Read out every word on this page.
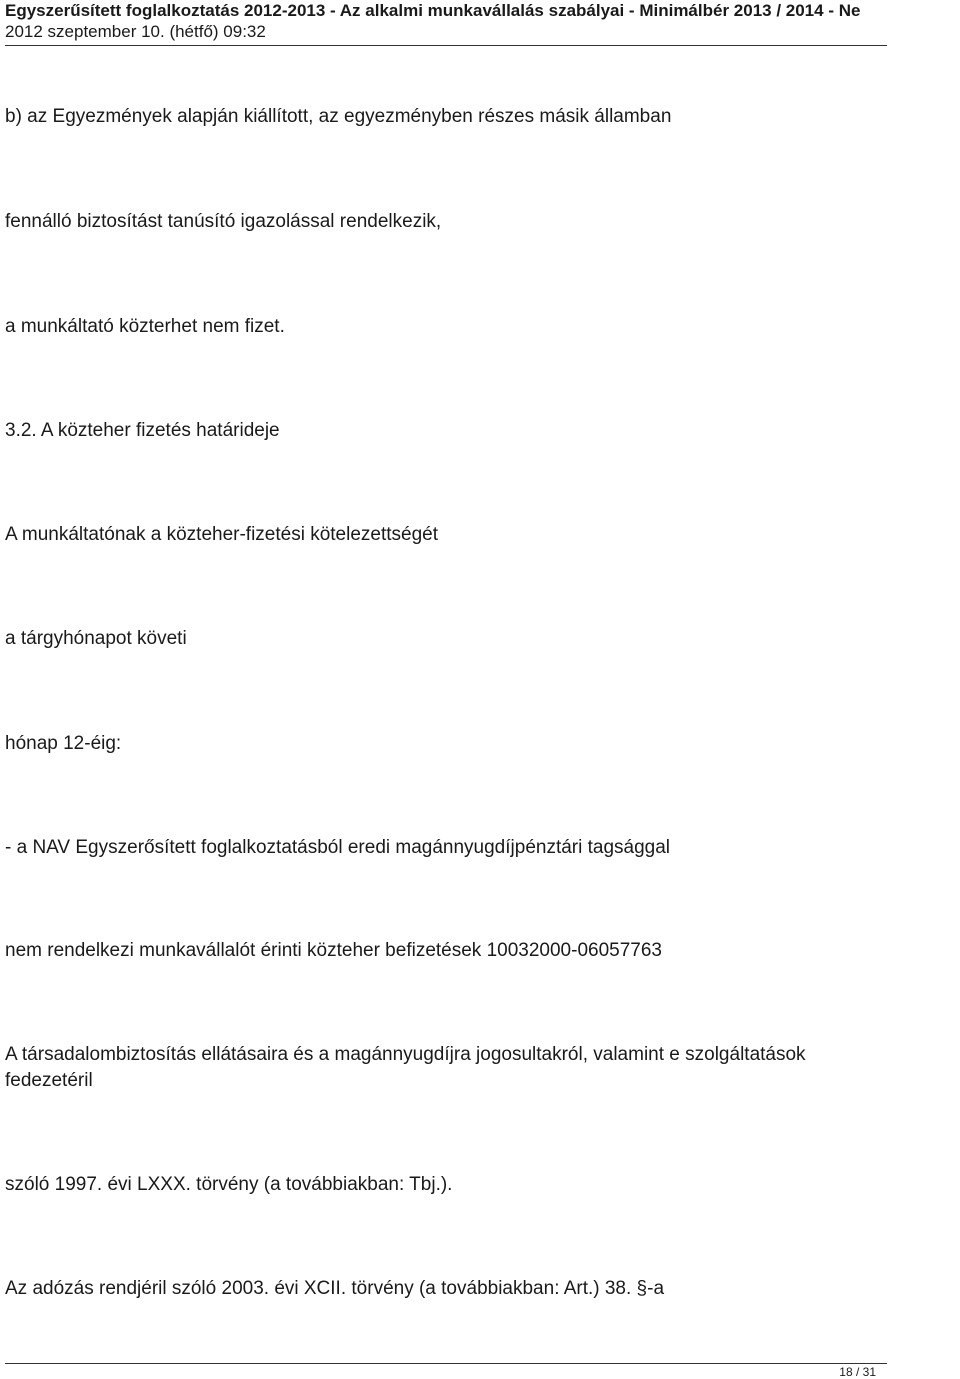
Egyszerűsített foglalkoztatás 2012-2013 - Az alkalmi munkavállalás szabályai - Minimálbér 2013 / 2014 - Ne
2012 szeptember 10. (hétfő) 09:32
b) az Egyezmények alapján kiállított, az egyezményben részes másik államban
fennálló biztosítást tanúsító igazolással rendelkezik,
a munkáltató közterhet nem fizet.
3.2. A közteher fizetés határideje
A munkáltatónak a közteher-fizetési kötelezettségét
a tárgyhónapot követi
hónap 12-éig:
- a NAV Egyszerősített foglalkoztatásból eredi magánnyugdíjpénztári tagsággal
nem rendelkezi munkavállalót érinti közteher befizetések 10032000-06057763
A társadalombiztosítás ellátásaira és a magánnyugdíjra jogosultakról, valamint e szolgáltatások fedezetéril
szóló 1997. évi LXXX. törvény (a továbbiakban: Tbj.).
Az adózás rendjéril szóló 2003. évi XCII. törvény (a továbbiakban: Art.) 38. §-a
18 / 31
